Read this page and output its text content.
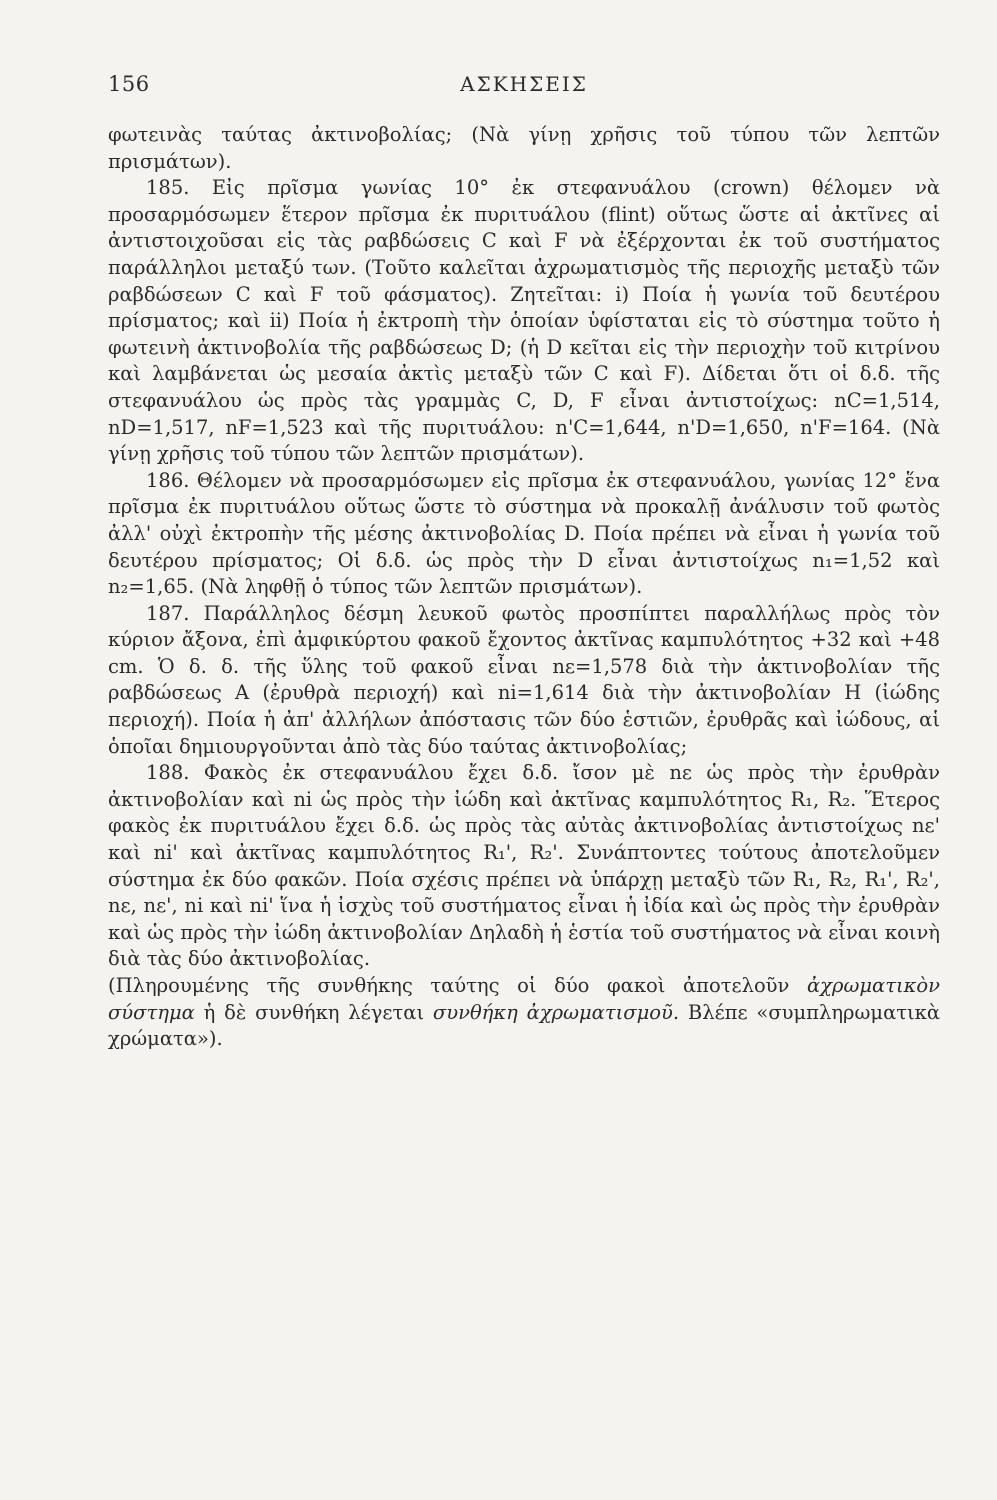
156	ΑΣΚΗΣΕΙΣ

φωτεινὰς ταύτας ἀκτινοβολίας; (Νὰ γίνῃ χρῆσις τοῦ τύπου τῶν λεπτῶν πρισμάτων).

185. Εἰς πρῖσμα γωνίας 10° ἐκ στεφανυάλου (crown) θέλομεν νὰ προσαρμόσωμεν ἕτερον πρῖσμα ἐκ πυριτυάλου (flint) οὕτως ὥστε αἱ ἀκτῖνες αἱ ἀντιστοιχοῦσαι εἰς τὰς ραβδώσεις C καὶ F νὰ ἐξέρχονται ἐκ τοῦ συστήματος παράλληλοι μεταξύ των. (Τοῦτο καλεῖται ἀχρωματισμὸς τῆς περιοχῆς μεταξὺ τῶν ραβδώσεων C καὶ F τοῦ φάσματος). Ζητεῖται: i) Ποία ἡ γωνία τοῦ δευτέρου πρίσματος; καὶ ii) Ποία ἡ ἐκτροπὴ τὴν ὁποίαν ὑφίσταται εἰς τὸ σύστημα τοῦτο ἡ φωτεινὴ ἀκτινοβολία τῆς ραβδώσεως D; (ἡ D κεῖται εἰς τὴν περιοχὴν τοῦ κιτρίνου καὶ λαμβάνεται ὡς μεσαία ἀκτὶς μεταξὺ τῶν C καὶ F). Δίδεται ὅτι οἱ δ.δ. τῆς στεφανυάλου ὡς πρὸς τὰς γραμμὰς C, D, F εἶναι ἀντιστοίχως: nC=1,514, nD=1,517, nF=1,523 καὶ τῆς πυριτυάλου: n'C=1,644, n'D=1,650, n'F=164. (Νὰ γίνῃ χρῆσις τοῦ τύπου τῶν λεπτῶν πρισμάτων).

186. Θέλομεν νὰ προσαρμόσωμεν εἰς πρῖσμα ἐκ στεφανυάλου, γωνίας 12° ἕνα πρῖσμα ἐκ πυριτυάλου οὕτως ὥστε τὸ σύστημα νὰ προκαλῇ ἀνάλυσιν τοῦ φωτὸς ἀλλ' οὐχὶ ἐκτροπὴν τῆς μέσης ἀκτινοβολίας D. Ποία πρέπει νὰ εἶναι ἡ γωνία τοῦ δευτέρου πρίσματος; Οἱ δ.δ. ὡς πρὸς τὴν D εἶναι ἀντιστοίχως n₁=1,52 καὶ n₂=1,65. (Νὰ ληφθῇ ὁ τύπος τῶν λεπτῶν πρισμάτων).

187. Παράλληλος δέσμη λευκοῦ φωτὸς προσπίπτει παραλλήλως πρὸς τὸν κύριον ἄξονα, ἐπὶ ἀμφικύρτου φακοῦ ἔχοντος ἀκτῖνας καμπυλότητος +32 καὶ +48 cm. Ὁ δ. δ. τῆς ὕλης τοῦ φακοῦ εἶναι nε=1,578 διὰ τὴν ἀκτινοβολίαν τῆς ραβδώσεως Α (ἐρυθρὰ περιοχή) καὶ ni=1,614 διὰ τὴν ἀκτινοβολίαν Η (ἰώδης περιοχή). Ποία ἡ ἀπ' ἀλλήλων ἀπόστασις τῶν δύο ἑστιῶν, ἐρυθρᾶς καὶ ἰώδους, αἱ ὁποῖαι δημιουργοῦνται ἀπὸ τὰς δύο ταύτας ἀκτινοβολίας;

188. Φακὸς ἐκ στεφανυάλου ἔχει δ.δ. ἴσον μὲ nε ὡς πρὸς τὴν ἐρυθρὰν ἀκτινοβολίαν καὶ ni ὡς πρὸς τὴν ἰώδη καὶ ἀκτῖνας καμπυλότητος R₁, R₂. Ἕτερος φακὸς ἐκ πυριτυάλου ἔχει δ.δ. ὡς πρὸς τὰς αὐτὰς ἀκτινοβολίας ἀντιστοίχως nε' καὶ ni' καὶ ἀκτῖνας καμπυλότητος R₁', R₂'. Συνάπτοντες τούτους ἀποτελοῦμεν σύστημα ἐκ δύο φακῶν. Ποία σχέσις πρέπει νὰ ὑπάρχῃ μεταξὺ τῶν R₁, R₂, R₁', R₂', nε, nε', ni καὶ ni' ἵνα ἡ ἰσχὺς τοῦ συστήματος εἶναι ἡ ἰδία καὶ ὡς πρὸς τὴν ἐρυθρὰν καὶ ὡς πρὸς τὴν ἰώδη ἀκτινοβολίαν Δηλαδὴ ἡ ἑστία τοῦ συστήματος νὰ εἶναι κοινὴ διὰ τὰς δύο ἀκτινοβολίας.

(Πληρουμένης τῆς συνθήκης ταύτης οἱ δύο φακοὶ ἀποτελοῦν ἀχρωματικὸν σύστημα ἡ δὲ συνθήκη λέγεται συνθήκη ἀχρωματισμοῦ. Βλέπε «συμπληρωματικὰ χρώματα»).
